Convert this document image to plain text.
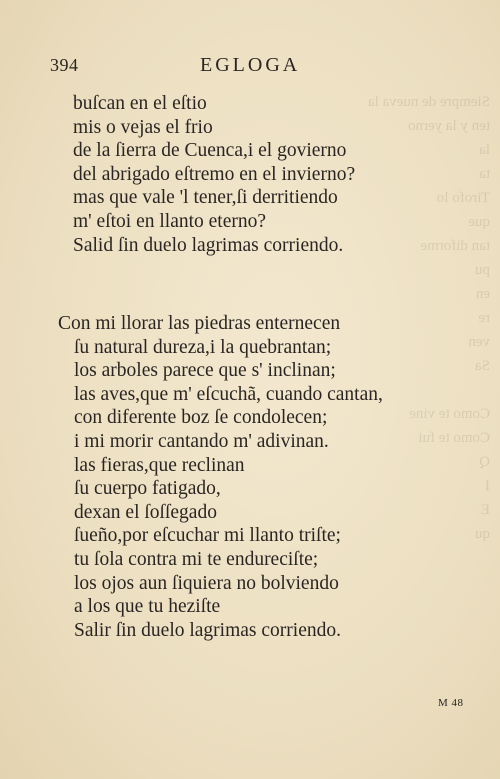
Siempre de nueva la
ten y la yerno
la
ta
Tirofo lo
que
tan diforme
pu
en
re
ven
Sa

Como te vine
Como te fui
Q
I
E
qu
394	EGLOGA
buſcan en el eſtio
mis o vejas el frio
de la ſierra de Cuenca,i el govierno
del abrigado eſtremo en el invierno?
mas que vale 'l tener,ſi derritiendo
m' eſtoi en llanto eterno?
Salid ſin duelo lagrimas corriendo.
Con mi llorar las piedras enternecen
ſu natural dureza,i la quebrantan;
los arboles parece que s' inclinan;
las aves,que m' eſcuchã, cuando cantan,
con diferente boz ſe condolecen;
i mi morir cantando m' adivinan.
las fieras,que reclinan
ſu cuerpo fatigado,
dexan el ſoſſegado
ſueño,por eſcuchar mi llanto triſte;
tu ſola contra mi te endureciſte;
los ojos aun ſiquiera no bolviendo
a los que tu heziſte
Salir ſin duelo lagrimas corriendo.
M 48
